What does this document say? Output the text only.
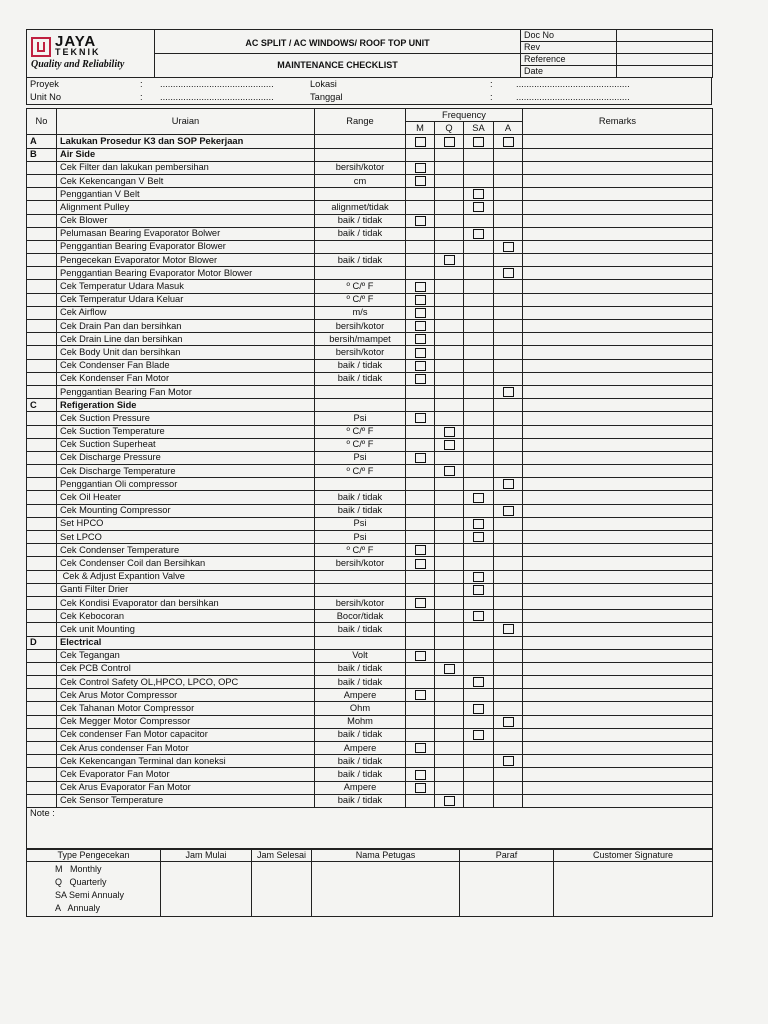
JAYA
TEKNIK
Quality and Reliability	AC SPLIT / AC WINDOWS/ ROOF TOP UNIT	Doc No	
		Rev	
	MAINTENANCE CHECKLIST	Reference	
		Date	
Proyek	:	............................................	Lokasi	:	............................................
Unit No	:	............................................	Tanggal	:	............................................
No	Uraian	Range	Frequency				Remarks
			M	Q	SA	A	
A	Lakukan Prosedur K3 dan SOP Pekerjaan						
B	Air Side						
	Cek Filter dan lakukan pembersihan	bersih/kotor					
	Cek Kekencangan V Belt	cm					
	Penggantian V Belt						
	Alignment Pulley	alignmet/tidak					
	Cek Blower	baik / tidak					
	Pelumasan Bearing Evaporator Bolwer	baik / tidak					
	Penggantian Bearing Evaporator Blower						
	Pengecekan Evaporator Motor Blower	baik / tidak					
	Penggantian Bearing Evaporator Motor Blower						
	Cek Temperatur Udara Masuk	º C/º F					
	Cek Temperatur Udara Keluar	º C/º F					
	Cek Airflow	m/s					
	Cek Drain Pan dan bersihkan	bersih/kotor					
	Cek Drain Line dan bersihkan	bersih/mampet					
	Cek Body Unit dan bersihkan	bersih/kotor					
	Cek Condenser Fan Blade	baik / tidak					
	Cek Kondenser Fan Motor	baik / tidak					
	Penggantian Bearing Fan Motor						
C	Refigeration Side						
	Cek Suction Pressure	Psi					
	Cek Suction Temperature	º C/º F					
	Cek Suction Superheat	º C/º F					
	Cek Discharge Pressure	Psi					
	Cek Discharge Temperature	º C/º F					
	Penggantian Oli compressor						
	Cek Oil Heater	baik / tidak					
	Cek Mounting Compressor	baik / tidak					
	Set HPCO	Psi					
	Set LPCO	Psi					
	Cek Condenser Temperature	º C/º F					
	Cek Condenser Coil dan Bersihkan	bersih/kotor					
	Cek & Adjust Expantion Valve						
	Ganti Filter Drier						
	Cek Kondisi Evaporator dan bersihkan	bersih/kotor					
	Cek Kebocoran	Bocor/tidak					
	Cek unit Mounting	baik / tidak					
D	Electrical						
	Cek Tegangan	Volt					
	Cek PCB Control	baik / tidak					
	Cek Control Safety OL,HPCO, LPCO, OPC	baik / tidak					
	Cek Arus Motor Compressor	Ampere					
	Cek Tahanan Motor Compressor	Ohm					
	Cek Megger Motor Compressor	Mohm					
	Cek condenser Fan Motor capacitor	baik / tidak					
	Cek Arus condenser Fan Motor	Ampere					
	Cek Kekencangan Terminal dan koneksi	baik / tidak					
	Cek Evaporator Fan Motor	baik / tidak					
	Cek Arus Evaporator Fan Motor	Ampere					
	Cek Sensor Temperature	baik / tidak					
Note :							
Type Pengecekan	Jam Mulai	Jam Selesai	Nama Petugas	Paraf	Customer Signature

M   Monthly
Q   Quarterly
SA Semi Annualy
A   Annualy					
